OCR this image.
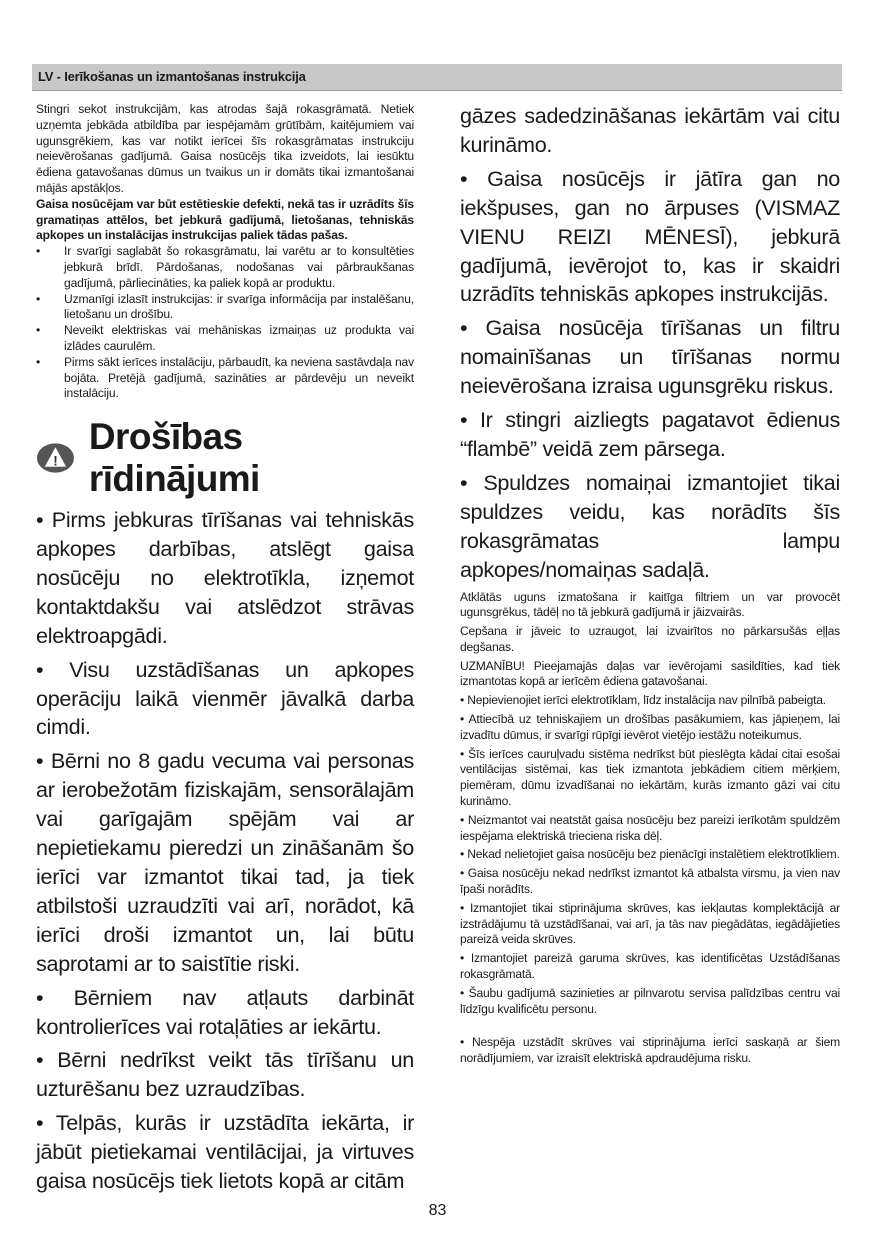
LV - Ierīkošanas un izmantošanas instrukcija

Stingri sekot instrukcijām, kas atrodas šajā rokasgrāmatā. Netiek uzņemta jebkāda atbildība par iespējamām grūtībām, kaitējumiem vai ugunsgrēkiem, kas var notikt ierīcei šīs rokasgrāmatas instrukciju neievērošanas gadījumā. Gaisa nosūcējs tika izveidots, lai iesūktu ēdiena gatavošanas dūmus un tvaikus un ir domāts tikai izmantošanai mājās apstākļos.

Gaisa nosūcējam var būt estētieskie defekti, nekā tas ir uzrādīts šīs gramatiņas attēlos, bet jebkurā gadījumā, lietošanas, tehniskās apkopes un instalācijas instrukcijas paliek tādas pašas.

• Ir svarīgi saglabāt šo rokasgrāmatu, lai varētu ar to konsultēties jebkurā brīdī. Pārdošanas, nodošanas vai pārbraukšanas gadījumā, pārliecināties, ka paliek kopā ar produktu.
• Uzmanīgi izlasīt instrukcijas: ir svarīga informācija par instalēšanu, lietošanu un drošību.
• Neveikt elektriskas vai mehāniskas izmaiņas uz produkta vai izlādes caurulēm.
• Pirms sākt ierīces instalāciju, pārbaudīt, ka neviena sastāvdaļa nav bojāta. Pretējā gadījumā, sazināties ar pārdevēju un neveikt instalāciju.
!
Drošības rīdinājumi

• Pirms jebkuras tīrīšanas vai tehniskās apkopes darbības, atslēgt gaisa nosūcēju no elektrotīkla, izņemot kontaktdakšu vai atslēdzot strāvas elektroapgādi.

• Visu uzstādīšanas un apkopes operāciju laikā vienmēr jāvalkā darba cimdi.

• Bērni no 8 gadu vecuma vai personas ar ierobežotām fiziskajām, sensorālajām vai garīgajām spējām vai ar nepietiekamu pieredzi un zināšanām šo ierīci var izmantot tikai tad, ja tiek atbilstoši uzraudzīti vai arī, norādot, kā ierīci droši izmantot un, lai būtu saprotami ar to saistītie riski.

• Bērniem nav atļauts darbināt kontrolierīces vai rotaļāties ar iekārtu.

• Bērni nedrīkst veikt tās tīrīšanu un uzturēšanu bez uzraudzības.

• Telpās, kurās ir uzstādīta iekārta, ir jābūt pietiekamai ventilācijai, ja virtuves gaisa nosūcējs tiek lietots kopā ar citām

gāzes sadedzināšanas iekārtām vai citu kurināmo.

• Gaisa nosūcējs ir jātīra gan no iekšpuses, gan no ārpuses (VISMAZ VIENU REIZI MĒNESĪ), jebkurā gadījumā, ievērojot to, kas ir skaidri uzrādīts tehniskās apkopes instrukcijās.

• Gaisa nosūcēja tīrīšanas un filtru nomainīšanas un tīrīšanas normu neievērošana izraisa ugunsgrēku riskus.

• Ir stingri aizliegts pagatavot ēdienus “flambē” veidā zem pārsega.

• Spuldzes nomaiņai izmantojiet tikai spuldzes veidu, kas norādīts šīs rokasgrāmatas lampu apkopes/nomaiņas sadaļā.

Atklātās uguns izmatošana ir kaitīga filtriem un var provocēt ugunsgrēkus, tādēļ no tā jebkurā gadījumā ir jāizvairās.

Cepšana ir jāveic to uzraugot, lai izvairītos no pārkarsušās eļļas degšanas.

UZMANĪBU! Pieejamajās daļas var ievērojami sasildīties, kad tiek izmantotas kopā ar ierīcēm ēdiena gatavošanai.

• Nepievienojiet ierīci elektrotīklam, līdz instalācija nav pilnībā pabeigta.

• Attiecībā uz tehniskajiem un drošības pasākumiem, kas jāpieņem, lai izvadītu dūmus, ir svarīgi rūpīgi ievērot vietējo iestāžu noteikumus.

• Šīs ierīces cauruļvadu sistēma nedrīkst būt pieslēgta kādai citai esošai ventilācijas sistēmai, kas tiek izmantota jebkādiem citiem mērķiem, piemēram, dūmu izvadīšanai no iekārtām, kurās izmanto gāzi vai citu kurināmo.

• Neizmantot vai neatstāt gaisa nosūcēju bez pareizi ierīkotām spuldzēm iespējama elektriskā trieciena riska dēļ.

• Nekad nelietojiet gaisa nosūcēju bez pienācīgi instalētiem elektrotīkliem.

• Gaisa nosūcēju nekad nedrīkst izmantot kā atbalsta virsmu, ja vien nav īpaši norādīts.

• Izmantojiet tikai stiprinājuma skrūves, kas iekļautas komplektācijā ar izstrādājumu tā uzstādīšanai, vai arī, ja tās nav piegādātas, iegādājieties pareizā veida skrūves.

• Izmantojiet pareizā garuma skrūves, kas identificētas Uzstādīšanas rokasgrāmatā.

• Šaubu gadījumā sazinieties ar pilnvarotu servisa palīdzības centru vai līdzīgu kvalificētu personu.

• Nespēja uzstādīt skrūves vai stiprinājuma ierīci saskaņā ar šiem norādījumiem, var izraisīt elektriskā apdraudējuma risku.

83
